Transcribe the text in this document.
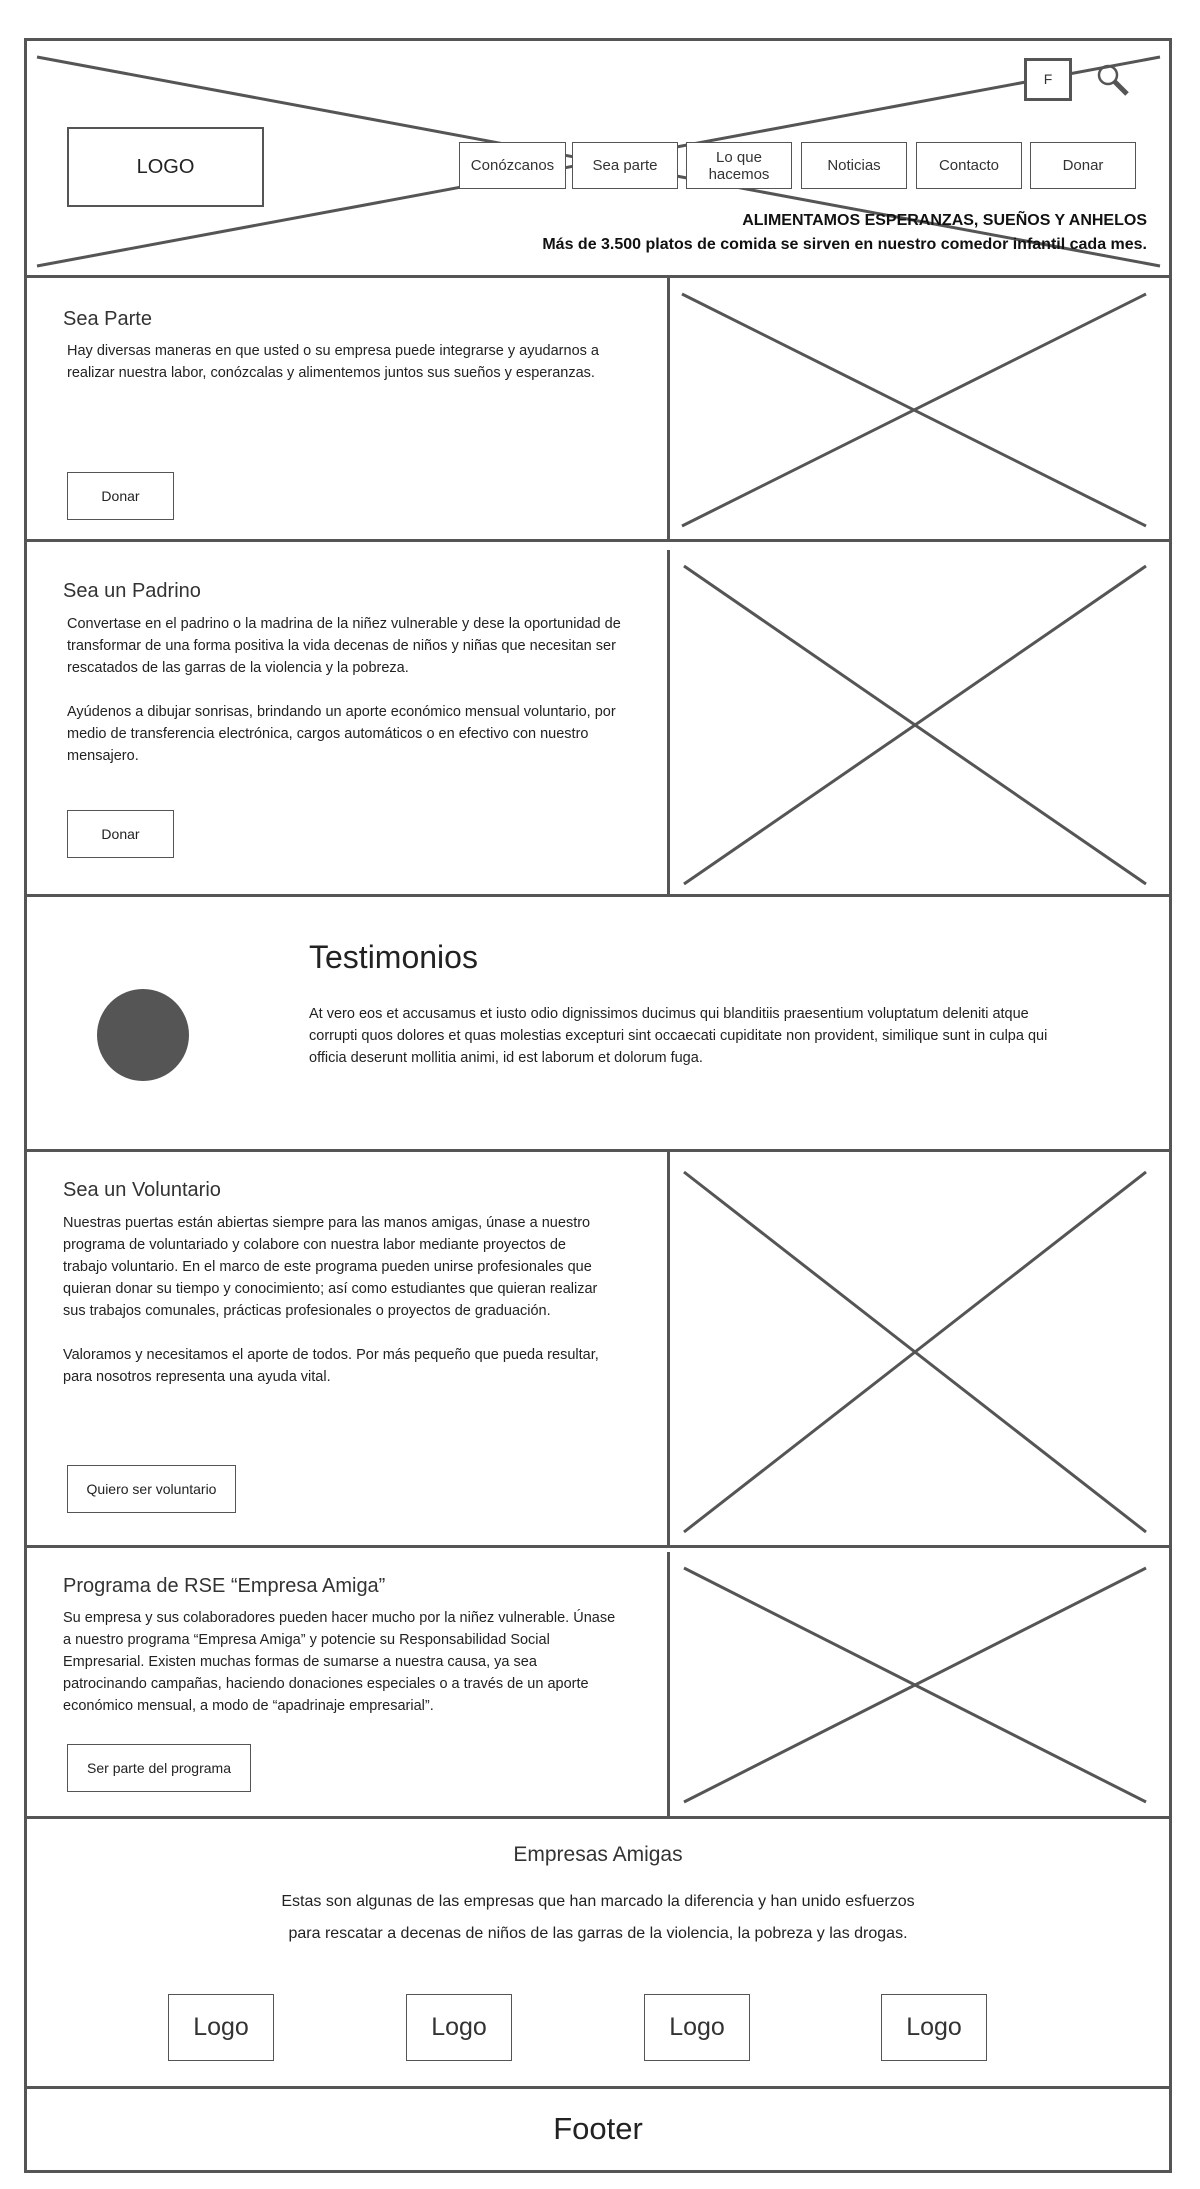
LOGO
F
Conózcanos	Sea parte	Lo que
hacemos	Noticias	Contacto	Donar
ALIMENTAMOS ESPERANZAS, SUEÑOS Y ANHELOS
Más de 3.500 platos de comida se sirven en nuestro comedor infantil cada mes.
Sea Parte
Hay diversas maneras en que usted o su empresa puede integrarse y ayudarnos a realizar nuestra labor, conózcalas y alimentemos juntos sus sueños y esperanzas.
Donar
Sea un Padrino

Convertase en el padrino o la madrina de la niñez vulnerable y dese la oportunidad de transformar de una forma positiva la vida decenas de niños y niñas que necesitan ser rescatados de las garras de la violencia y la pobreza.

Ayúdenos a dibujar sonrisas, brindando un aporte económico mensual voluntario, por medio de transferencia electrónica, cargos automáticos o en efectivo con nuestro mensajero.

Donar
Testimonios
At vero eos et accusamus et iusto odio dignissimos ducimus qui blanditiis praesentium voluptatum deleniti atque corrupti quos dolores et quas molestias excepturi sint occaecati cupiditate non provident, similique sunt in culpa qui officia deserunt mollitia animi, id est laborum et dolorum fuga.
Sea un Voluntario

Nuestras puertas están abiertas siempre para las manos amigas, únase a nuestro programa de voluntariado y colabore con nuestra labor mediante proyectos de trabajo voluntario. En el marco de este programa pueden unirse profesionales que quieran donar su tiempo y conocimiento; así como estudiantes que quieran realizar sus trabajos comunales, prácticas profesionales o proyectos de graduación.

Valoramos y necesitamos el aporte de todos. Por más pequeño que pueda resultar, para nosotros representa una ayuda vital.

Quiero ser voluntario
Programa de RSE “Empresa Amiga”
Su empresa y sus colaboradores pueden hacer mucho por la niñez vulnerable. Únase a nuestro programa “Empresa Amiga” y potencie su Responsabilidad Social Empresarial. Existen muchas formas de sumarse a nuestra causa, ya sea patrocinando campañas, haciendo donaciones especiales o a través de un aporte económico mensual, a modo de “apadrinaje empresarial”.
Ser parte del programa
Empresas Amigas
Estas son algunas de las empresas que han marcado la diferencia y han unido esfuerzos
para rescatar a decenas de niños de las garras de la violencia, la pobreza y las drogas.
Logo	Logo	Logo	Logo
Footer
